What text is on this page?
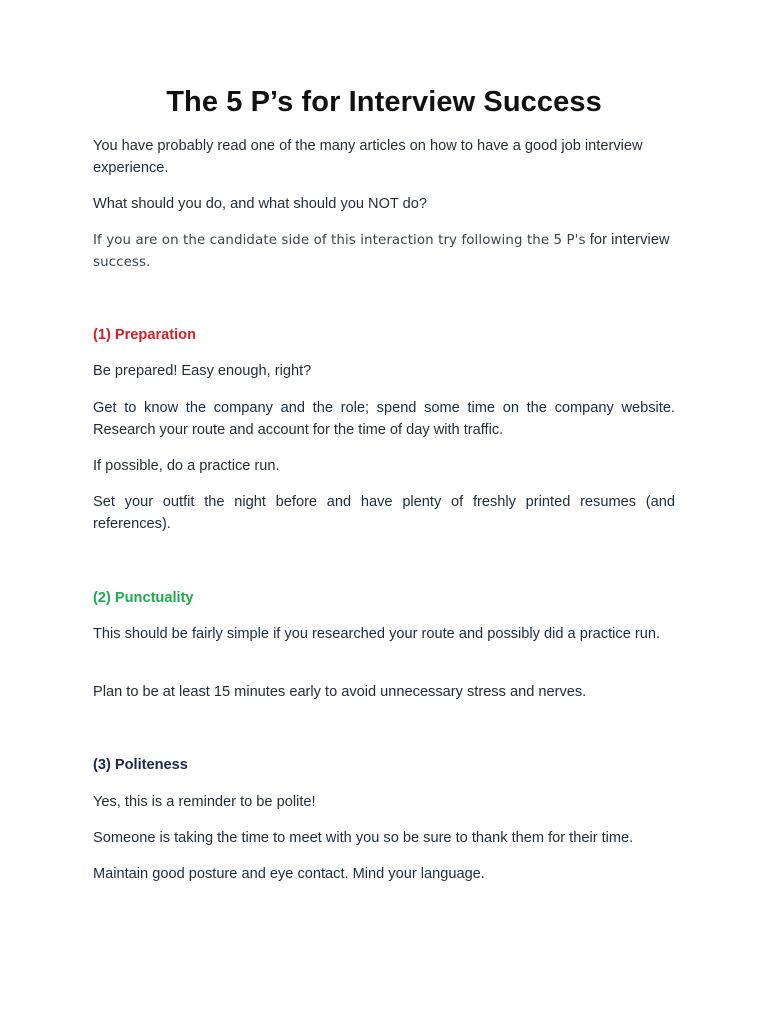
The 5 P’s for Interview Success

You have probably read one of the many articles on how to have a good job interview experience.

What should you do, and what should you NOT do?

If you are on the candidate side of this interaction try following the 5 P's for interview
success.

(1) Preparation

Be prepared! Easy enough, right?

Get to know the company and the role; spend some time on the company website. Research your route and account for the time of day with traffic.

If possible, do a practice run.

Set your outfit the night before and have plenty of freshly printed resumes (and references).

(2) Punctuality

This should be fairly simple if you researched your route and possibly did a practice run.

Plan to be at least 15 minutes early to avoid unnecessary stress and nerves.

(3) Politeness

Yes, this is a reminder to be polite!

Someone is taking the time to meet with you so be sure to thank them for their time.

Maintain good posture and eye contact. Mind your language.
